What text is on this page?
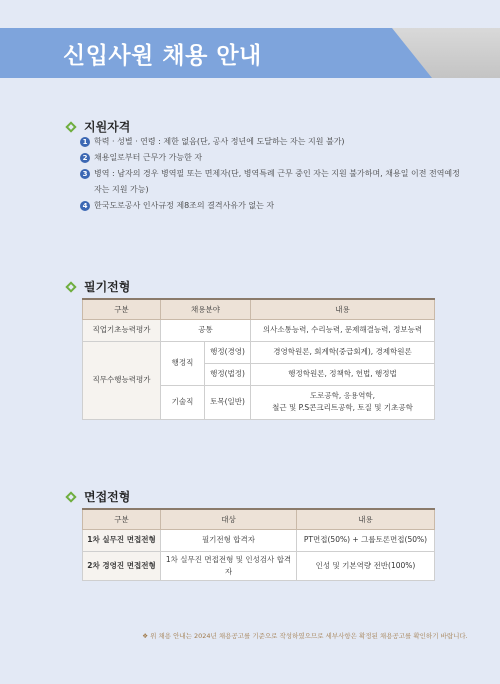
신입사원 채용 안내
지원자격
1 학력 · 성별 · 연령 : 제한 없음(단, 공사 정년에 도달하는 자는 지원 불가)
2 채용일로부터 근무가 가능한 자
3 병역 : 남자의 경우 병역필 또는 면제자(단, 병역특례 근무 중인 자는 지원 불가하며, 채용일 이전 전역예정자는 지원 가능)
4 한국도로공사 인사규정 제8조의 결격사유가 없는 자
필기전형
구분	채용분야		내용
직업기초능력평가	공통		의사소통능력, 수리능력, 문제해결능력, 정보능력
직무수행능력평가	행정직	행정(경영)	경영학원론, 회계학(중급회계), 경제학원론
		행정(법정)	행정학원론, 정책학, 헌법, 행정법
	기술직	토목(일반)	도로공학, 응용역학,
철근 및 P.S콘크리트공학, 토질 및 기초공학
면접전형
구분	대상	내용
1차 실무진 면접전형	필기전형 합격자	PT면접(50%) + 그룹토론면접(50%)
2차 경영진 면접전형	1차 실무진 면접전형 및 인성검사 합격자	인성 및 기본역량 전반(100%)
❖ 위 채용 안내는 2024년 채용공고를 기준으로 작성하였으므로 세부사항은 확정된 채용공고를 확인하기 바랍니다.
